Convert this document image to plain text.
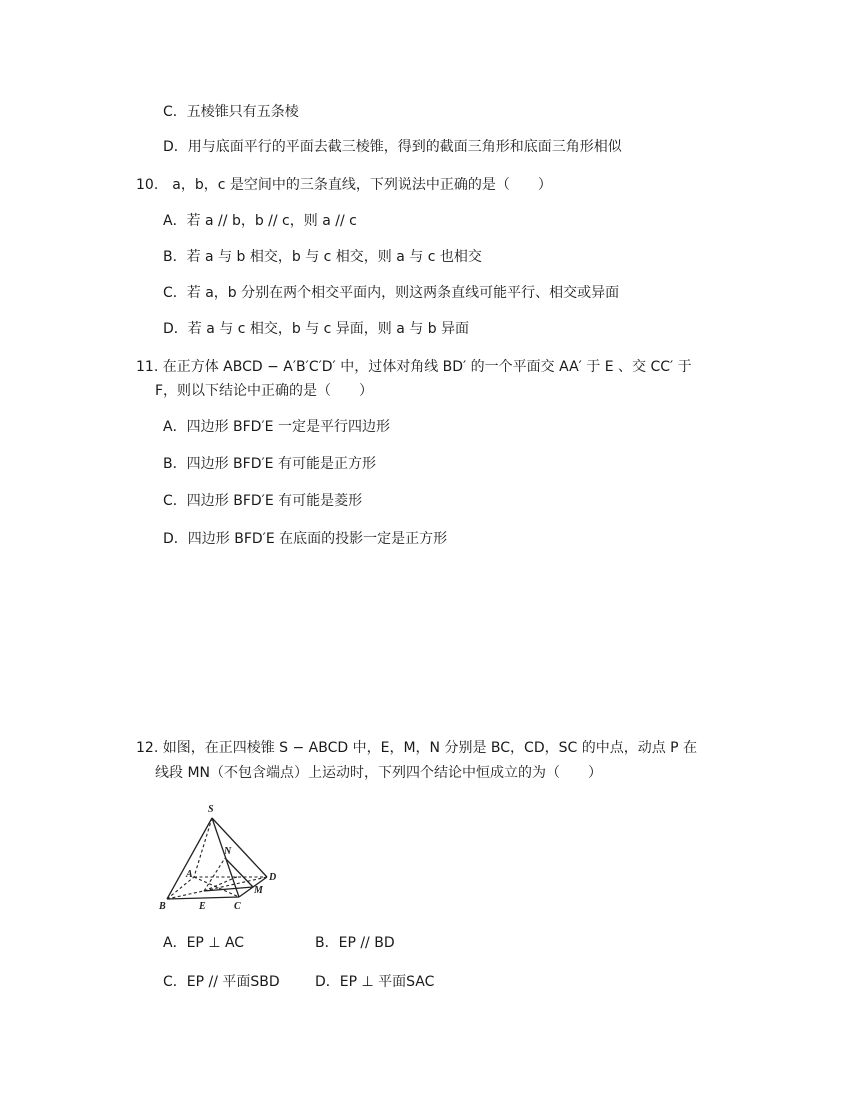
C．五棱锥只有五条棱
D．用与底面平行的平面去截三棱锥，得到的截面三角形和底面三角形相似
10.　a，b，c 是空间中的三条直线，下列说法中正确的是（　　）
A．若 a // b，b // c，则 a // c
B．若 a 与 b 相交，b 与 c 相交，则 a 与 c 也相交
C．若 a，b 分别在两个相交平面内，则这两条直线可能平行、相交或异面
D．若 a 与 c 相交，b 与 c 异面，则 a 与 b 异面
11. 在正方体 ABCD − A′B′C′D′ 中，过体对角线 BD′ 的一个平面交 AA′ 于 E 、交 CC′ 于
F，则以下结论中正确的是（　　）
A．四边形 BFD′E 一定是平行四边形
B．四边形 BFD′E 有可能是正方形
C．四边形 BFD′E 有可能是菱形
D．四边形 BFD′E 在底面的投影一定是正方形
12. 如图，在正四棱锥 S − ABCD 中，E，M，N 分别是 BC，CD，SC 的中点，动点 P 在
线段 MN（不包含端点）上运动时，下列四个结论中恒成立的为（　　）
S
N
A	D
M
B	E	C
A．EP ⊥ AC	B．EP // BD
C．EP // 平面SBD	D．EP ⊥ 平面SAC
